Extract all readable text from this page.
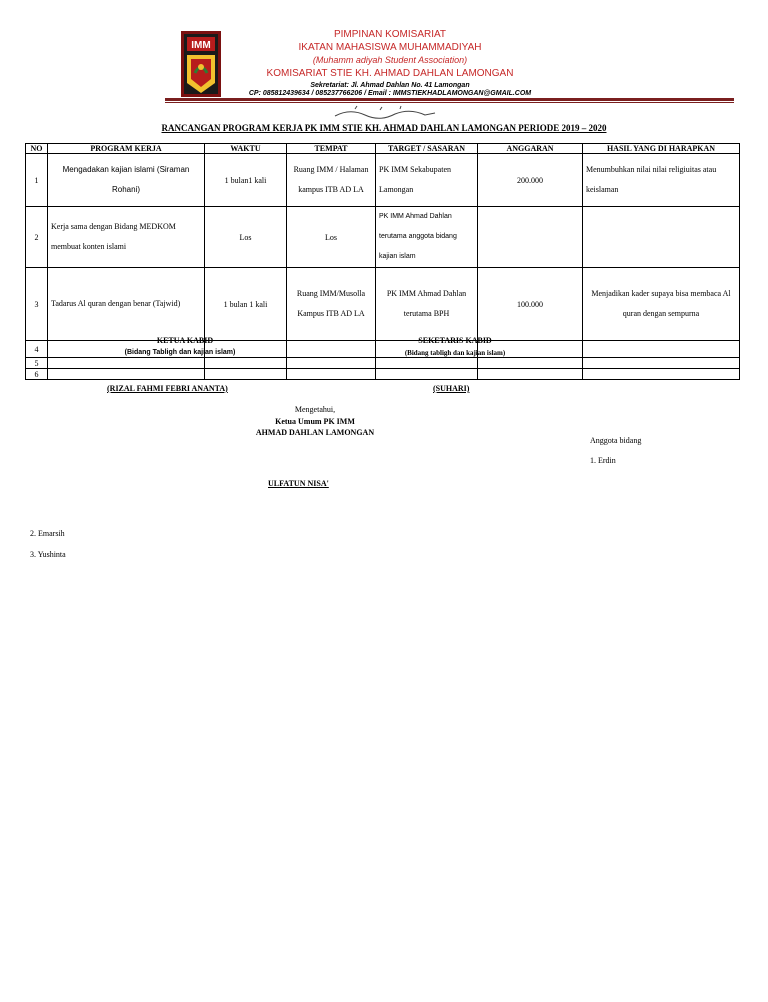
IMM
PIMPINAN KOMISARIAT
IKATAN MAHASISWA MUHAMMADIYAH
(Muhamm adiyah Student Association)
KOMISARIAT STIE KH. AHMAD DAHLAN LAMONGAN
Sekretariat: Jl. Ahmad Dahlan No. 41 Lamongan
CP: 085812439634 / 085237766206 / Email : IMMSTIEKHADLAMONGAN@GMAIL.COM
RANCANGAN PROGRAM KERJA PK IMM STIE KH. AHMAD DAHLAN LAMONGAN PERIODE 2019 – 2020
NO	PROGRAM KERJA	WAKTU	TEMPAT	TARGET / SASARAN	ANGGARAN	HASIL YANG DI HARAPKAN
1	Mengadakan kajian islami (Siraman Rohani)	1 bulan1 kali	Ruang IMM / Halaman kampus ITB AD LA	PK IMM Sekabupaten Lamongan	200.000	Menumbuhkan nilai nilai religiuitas atau keislaman
2	Kerja sama dengan Bidang MEDKOM membuat konten islami	Los	Los	PK IMM Ahmad Dahlan terutama anggota bidang kajian islam		
3	Tadarus Al quran dengan benar (Tajwid)	1 bulan 1 kali	Ruang IMM/Musolla Kampus ITB AD LA	PK IMM Ahmad Dahlan terutama BPH	100.000	Menjadikan kader supaya bisa membaca Al quran dengan sempurna
4						
5						
6						
KETUA KABID
(Bidang Tabligh dan kajian islam)
SEKETARIS KABID
(Bidang tabligh dan kajian islam)
(RIZAL FAHMI FEBRI ANANTA)	(SUHARI)
Mengetahui,
Ketua Umum PK IMM
AHMAD DAHLAN LAMONGAN
ULFATUN NISA'
Anggota bidang
1. Erdin
2. Emarsih
3. Yushinta
